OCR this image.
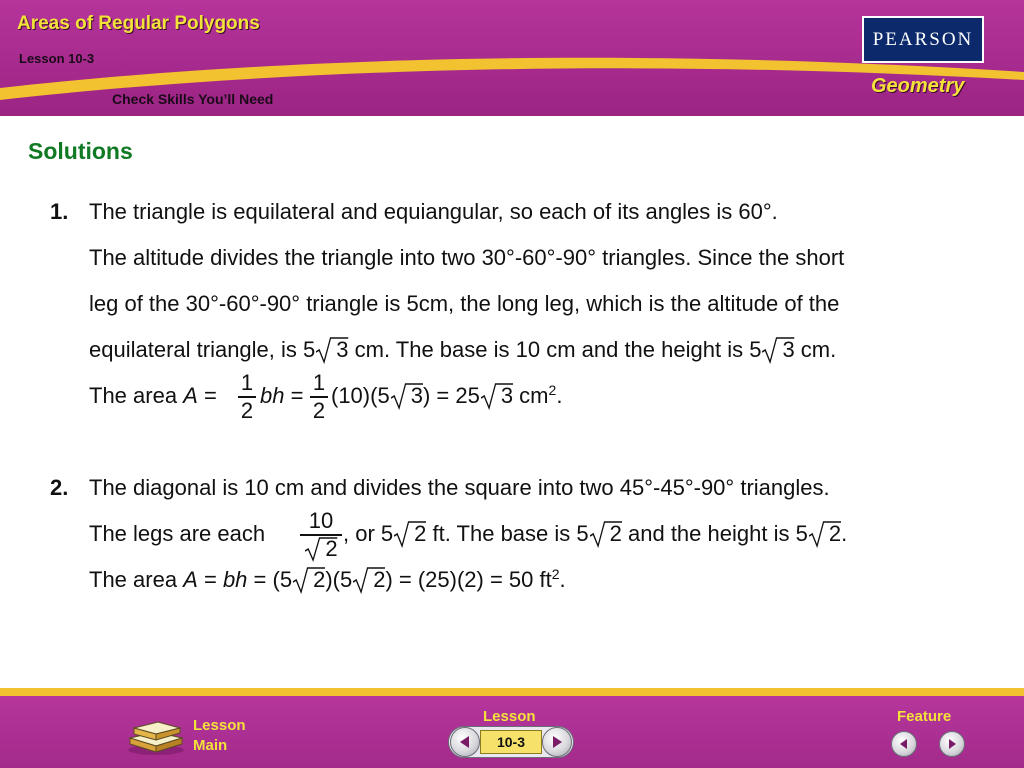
Areas of Regular Polygons
Lesson 10-3
Check Skills You’ll Need
PEARSON
Geometry
Solutions
1. The triangle is equilateral and equiangular, so each of its angles is 60°.
The altitude divides the triangle into two 30°-60°-90° triangles. Since the short
leg of the 30°-60°-90° triangle is 5cm, the long leg, which is the altitude of the
equilateral triangle, is 5 3 cm. The base is 10 cm and the height is 5 3 cm.
The area A =
1
2
bh =
1
2
(10)(5 3) = 25 3 $cm^2$.
2. The diagonal is 10 cm and divides the square into two 45°-45°-90° triangles.
The legs are each
10
2
, or 5 2 ft. The base is 5 2 and the height is 5 2.
The area A = bh = (5 2)(5 2) = (25)(2) = 50 $ft^2$.
Lesson
Main
Lesson
10-3
Feature
